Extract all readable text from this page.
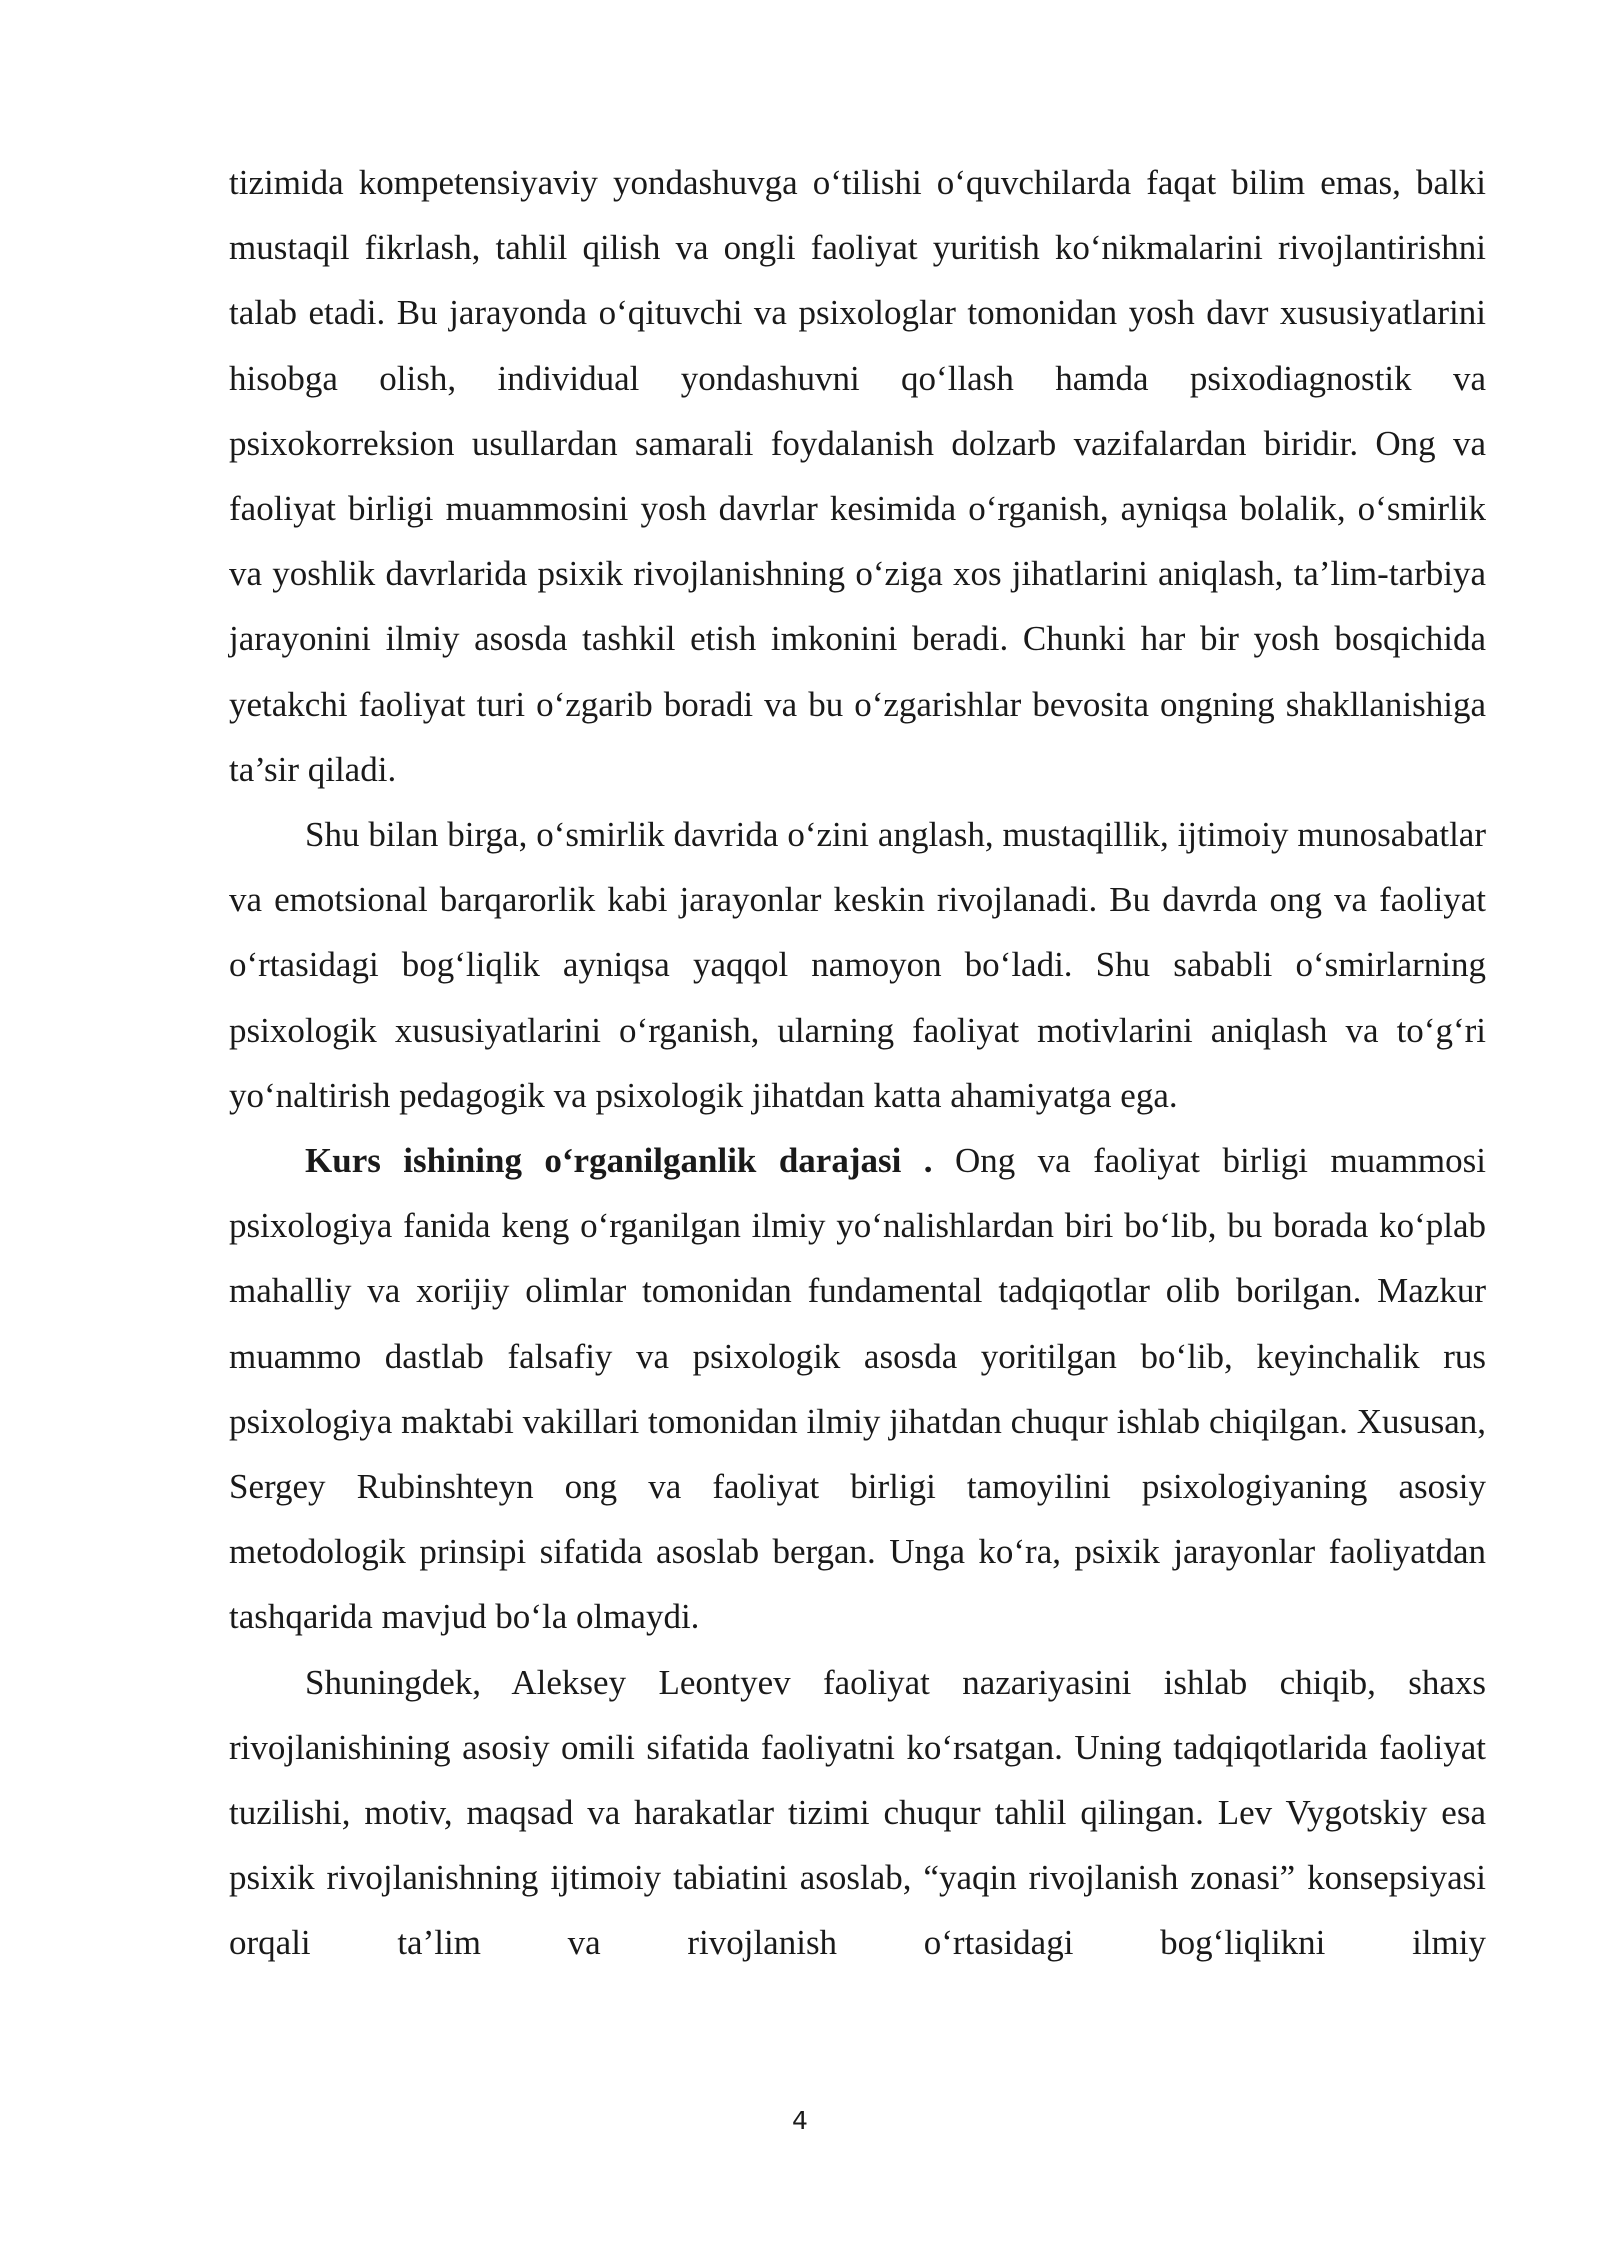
tizimida kompetensiyaviy yondashuvga o‘tilishi o‘quvchilarda faqat bilim emas, balki mustaqil fikrlash, tahlil qilish va ongli faoliyat yuritish ko‘nikmalarini rivojlantirishni talab etadi. Bu jarayonda o‘qituvchi va psixologlar tomonidan yosh davr xususiyatlarini hisobga olish, individual yondashuvni qo‘llash hamda psixodiagnostik va psixokorreksion usullardan samarali foydalanish dolzarb vazifalardan biridir. Ong va faoliyat birligi muammosini yosh davrlar kesimida o‘rganish, ayniqsa bolalik, o‘smirlik va yoshlik davrlarida psixik rivojlanishning o‘ziga xos jihatlarini aniqlash, ta’lim-tarbiya jarayonini ilmiy asosda tashkil etish imkonini beradi. Chunki har bir yosh bosqichida yetakchi faoliyat turi o‘zgarib boradi va bu o‘zgarishlar bevosita ongning shakllanishiga ta’sir qiladi.

Shu bilan birga, o‘smirlik davrida o‘zini anglash, mustaqillik, ijtimoiy munosabatlar va emotsional barqarorlik kabi jarayonlar keskin rivojlanadi. Bu davrda ong va faoliyat o‘rtasidagi bog‘liqlik ayniqsa yaqqol namoyon bo‘ladi. Shu sababli o‘smirlarning psixologik xususiyatlarini o‘rganish, ularning faoliyat motivlarini aniqlash va to‘g‘ri yo‘naltirish pedagogik va psixologik jihatdan katta ahamiyatga ega.

Kurs ishining o‘rganilganlik darajasi . Ong va faoliyat birligi muammosi psixologiya fanida keng o‘rganilgan ilmiy yo‘nalishlardan biri bo‘lib, bu borada ko‘plab mahalliy va xorijiy olimlar tomonidan fundamental tadqiqotlar olib borilgan. Mazkur muammo dastlab falsafiy va psixologik asosda yoritilgan bo‘lib, keyinchalik rus psixologiya maktabi vakillari tomonidan ilmiy jihatdan chuqur ishlab chiqilgan. Xususan, Sergey Rubinshteyn ong va faoliyat birligi tamoyilini psixologiyaning asosiy metodologik prinsipi sifatida asoslab bergan. Unga ko‘ra, psixik jarayonlar faoliyatdan tashqarida mavjud bo‘la olmaydi.

Shuningdek, Aleksey Leontyev faoliyat nazariyasini ishlab chiqib, shaxs rivojlanishining asosiy omili sifatida faoliyatni ko‘rsatgan. Uning tadqiqotlarida faoliyat tuzilishi, motiv, maqsad va harakatlar tizimi chuqur tahlil qilingan. Lev Vygotskiy esa psixik rivojlanishning ijtimoiy tabiatini asoslab, “yaqin rivojlanish zonasi” konsepsiyasi orqali ta’lim va rivojlanish o‘rtasidagi bog‘liqlikni ilmiy

4
